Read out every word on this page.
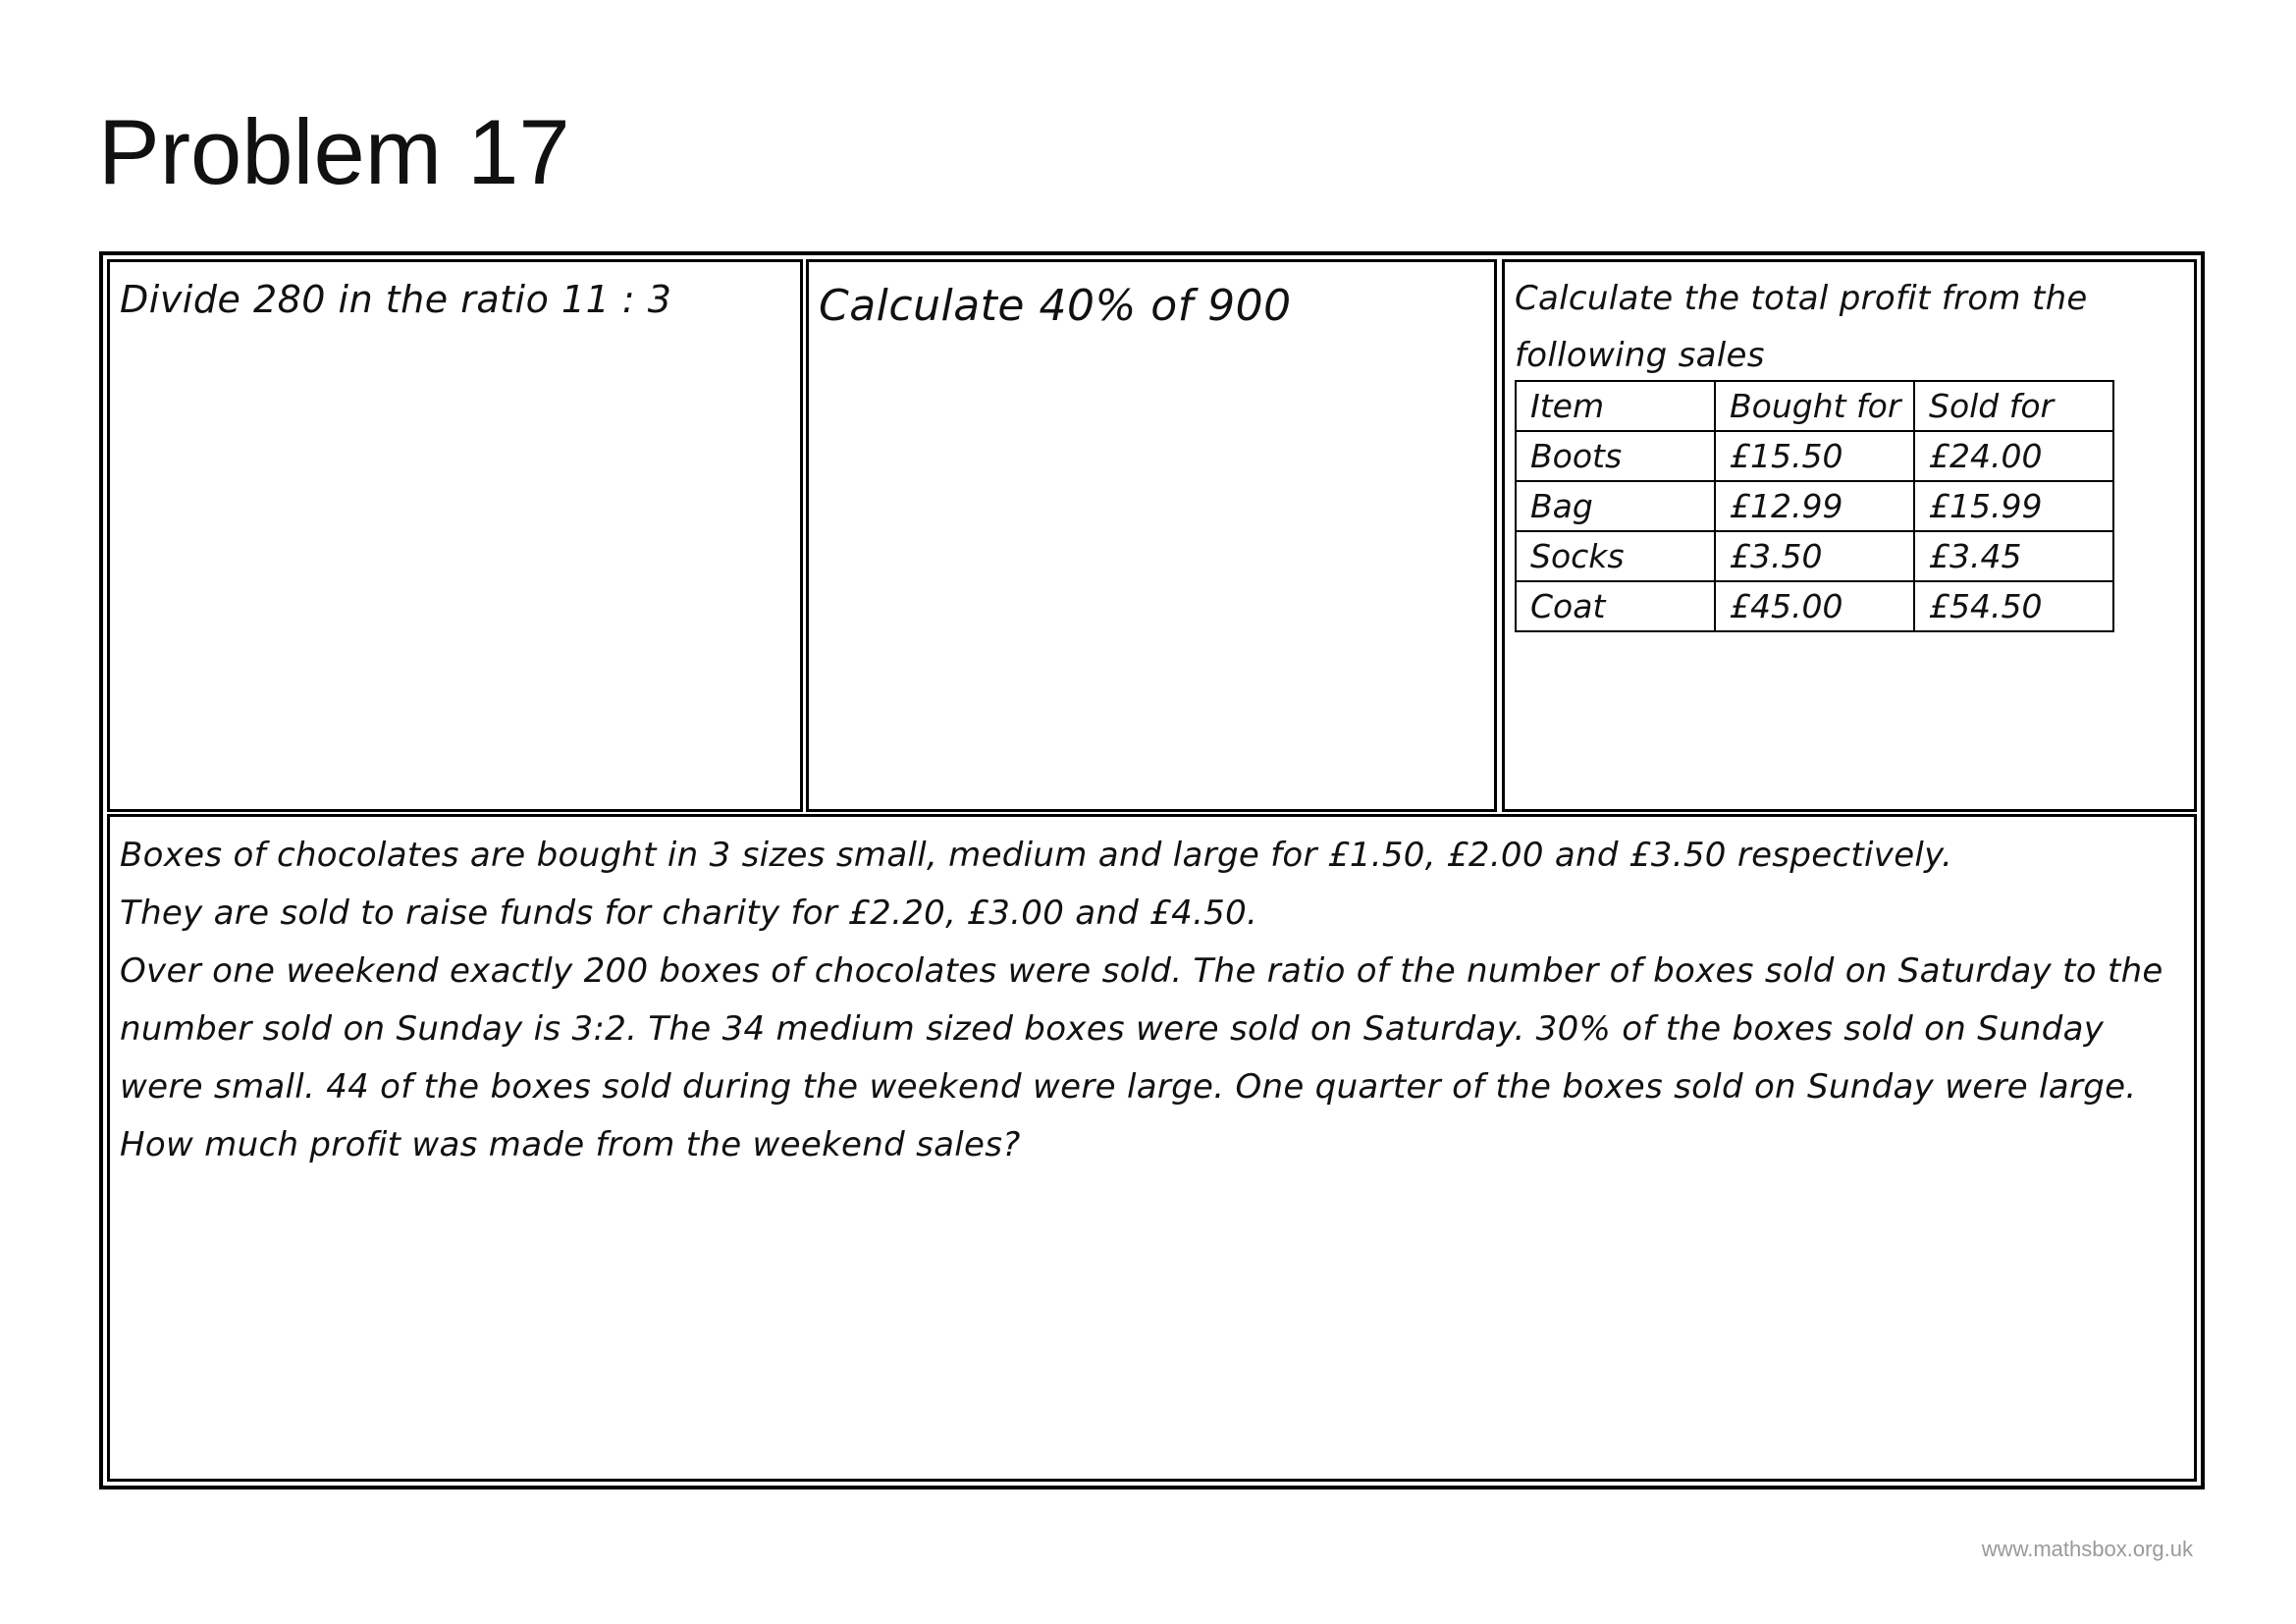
Problem 17

Divide 280 in the ratio 11 : 3	Calculate 40% of 900	Calculate the total profit from the following sales

Item	Bought for	Sold for
Boots	£15.50	£24.00
Bag	£12.99	£15.99
Socks	£3.50	£3.45
Coat	£45.00	£54.50

Boxes of chocolates are bought in 3 sizes small, medium and large for £1.50, £2.00 and £3.50 respectively.

They are sold to raise funds for charity for £2.20, £3.00 and £4.50.

Over one weekend exactly 200 boxes of chocolates were sold. The ratio of the number of boxes sold on Saturday to the number sold on Sunday is 3:2. The 34 medium sized boxes were sold on Saturday. 30% of the boxes sold on Sunday were small. 44 of the boxes sold during the weekend were large. One quarter of the boxes sold on Sunday were large. How much profit was made from the weekend sales?

www.mathsbox.org.uk
